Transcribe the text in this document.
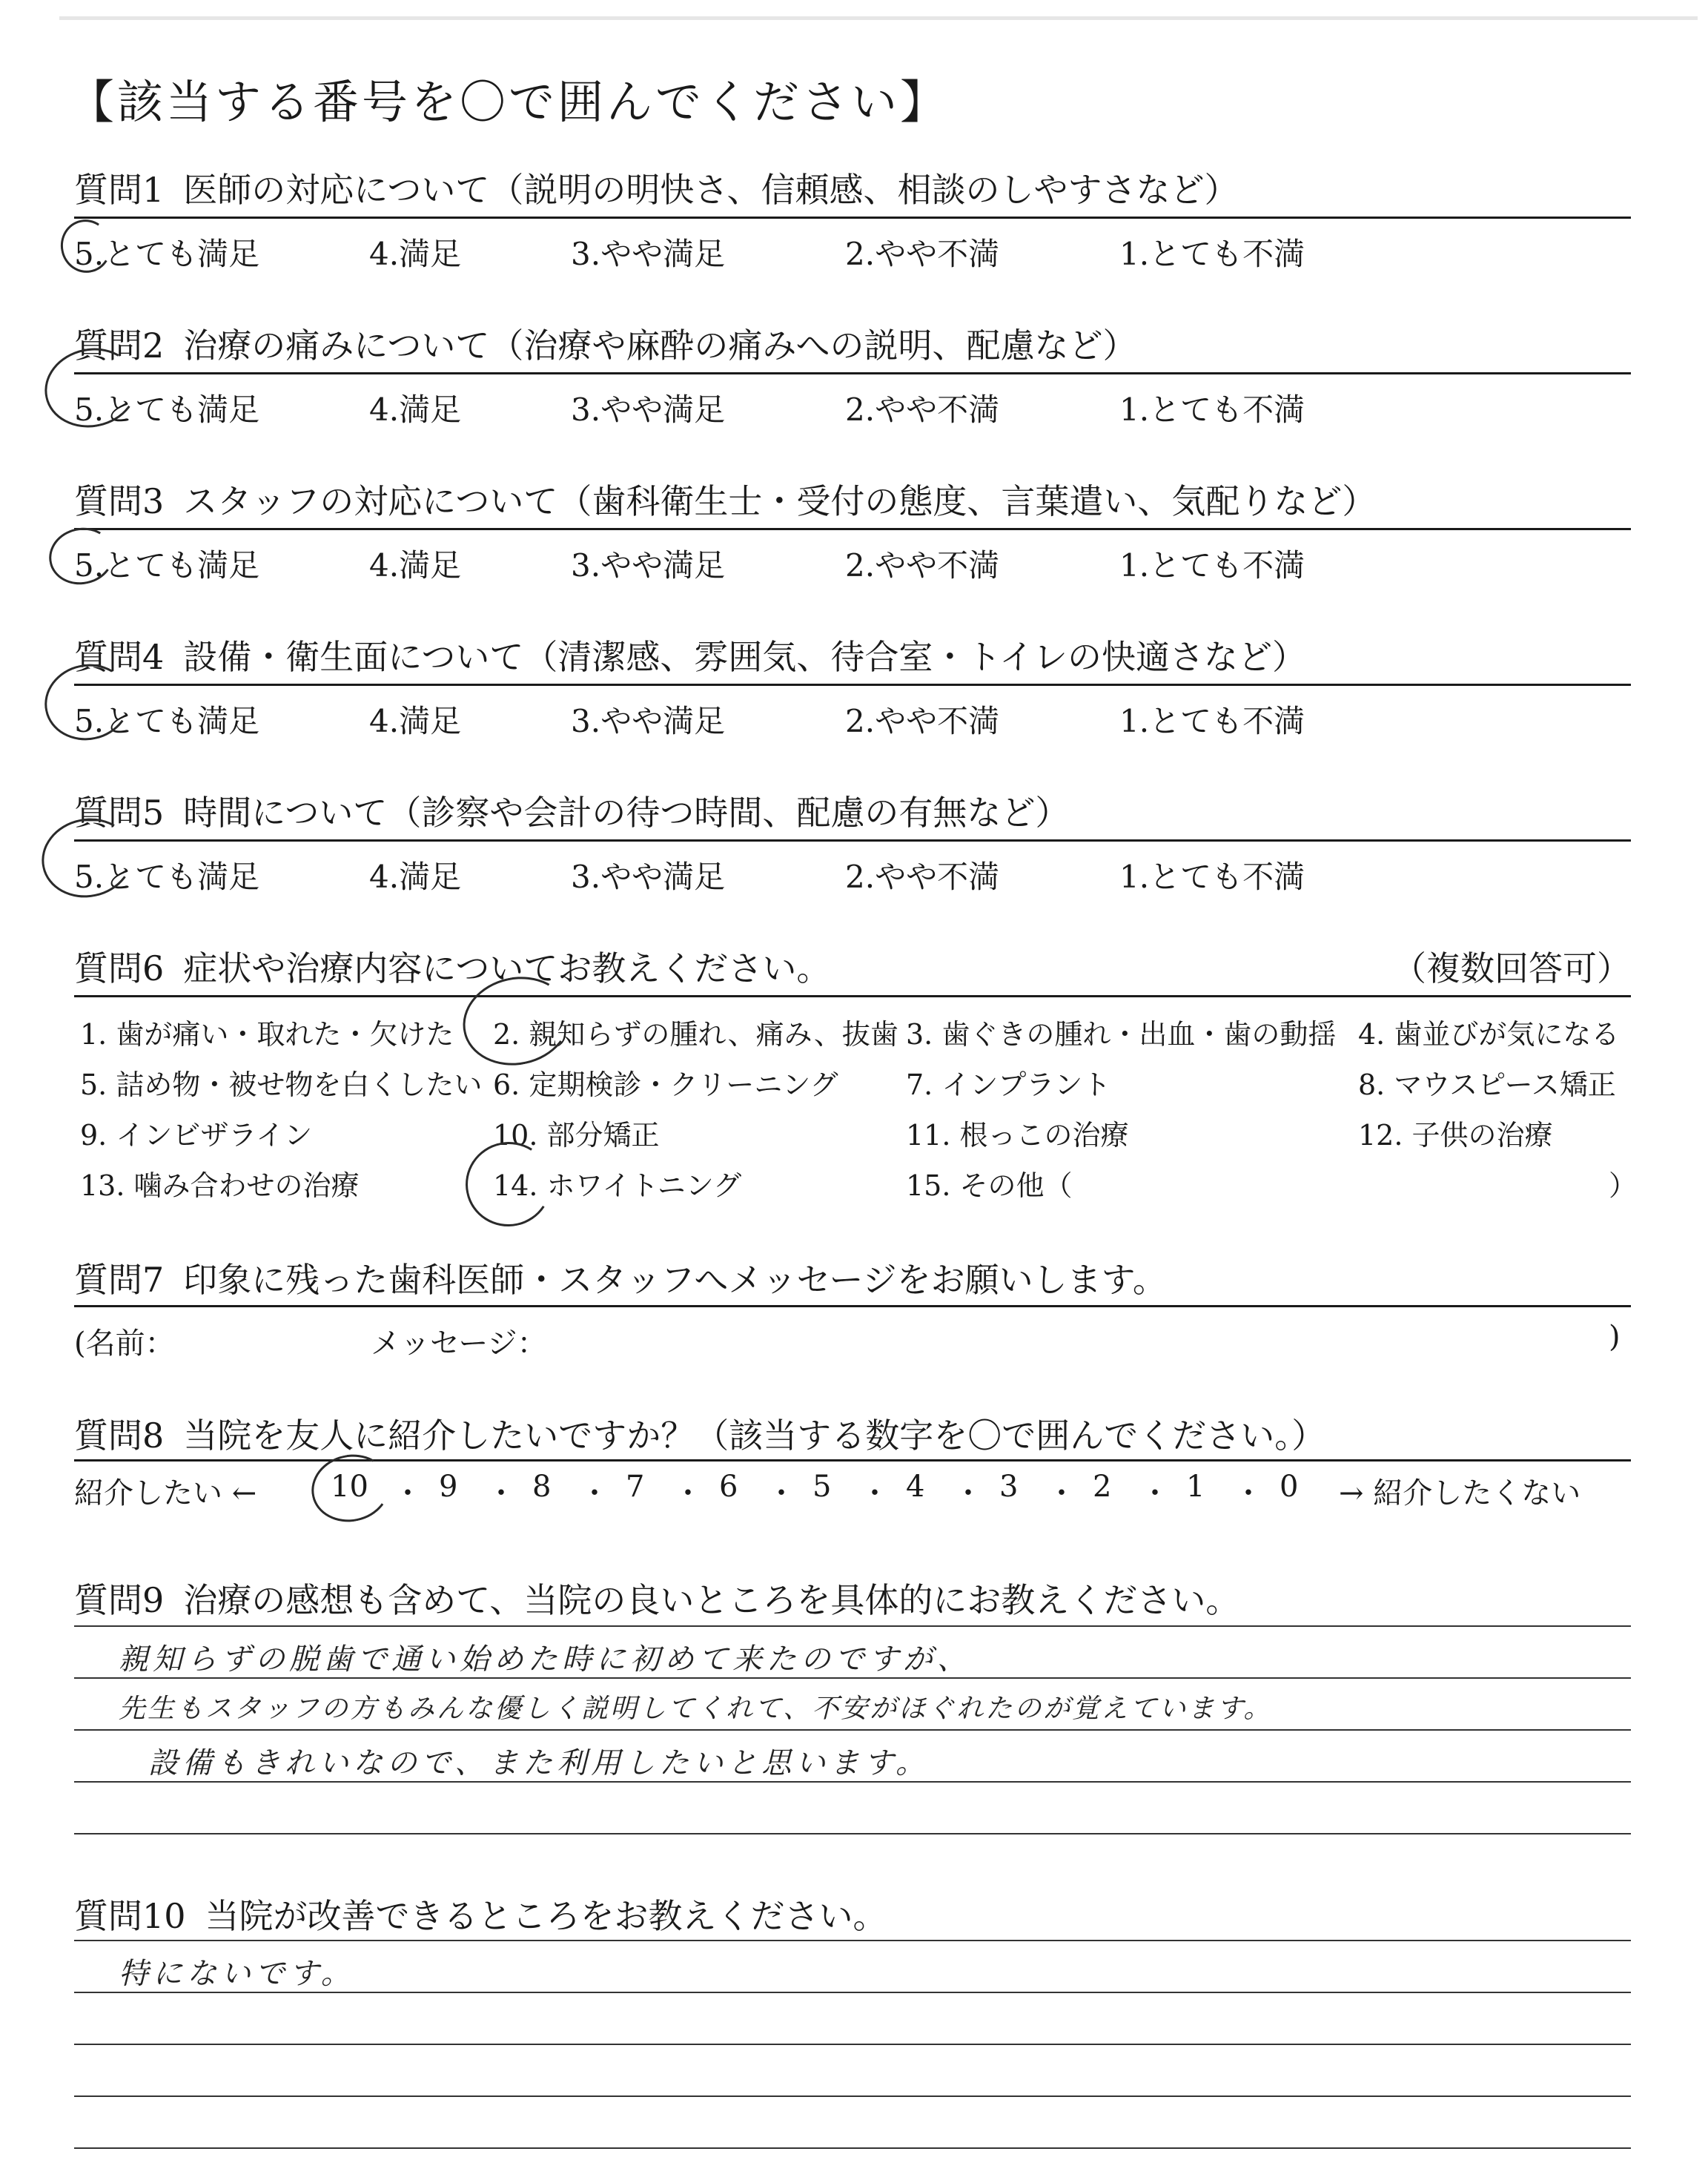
【該当する番号を〇で囲んでください】
質問1 医師の対応について（説明の明快さ、信頼感、相談のしやすさなど）
5.とても満足	4.満足	3.やや満足	2.やや不満	1.とても不満
質問2 治療の痛みについて（治療や麻酔の痛みへの説明、配慮など）
5.とても満足	4.満足	3.やや満足	2.やや不満	1.とても不満
質問3 スタッフの対応について（歯科衛生士・受付の態度、言葉遣い、気配りなど）
5.とても満足	4.満足	3.やや満足	2.やや不満	1.とても不満
質問4 設備・衛生面について（清潔感、雰囲気、待合室・トイレの快適さなど）
5.とても満足	4.満足	3.やや満足	2.やや不満	1.とても不満
質問5 時間について（診察や会計の待つ時間、配慮の有無など）
5.とても満足	4.満足	3.やや満足	2.やや不満	1.とても不満
質問6 症状や治療内容についてお教えください。	（複数回答可）
1. 歯が痛い・取れた・欠けた 2. 親知らずの腫れ、痛み、抜歯 3. 歯ぐきの腫れ・出血・歯の動揺 4. 歯並びが気になる
5. 詰め物・被せ物を白くしたい 6. 定期検診・クリーニング 7. インプラント	8. マウスピース矯正
9. インビザライン	10. 部分矯正	11. 根っこの治療	12. 子供の治療
13. 噛み合わせの治療	14. ホワイトニング	15. その他（	）
質問7 印象に残った歯科医師・スタッフへメッセージをお願いします。
(名前：	メッセージ：	)
質問8 当院を友人に紹介したいですか？（該当する数字を〇で囲んでください。）
紹介したい ← 10 ・ 9 ・ 8 ・ 7 ・ 6 ・ 5 ・ 4 ・ 3 ・ 2 ・ 1 ・ 0 → 紹介したくない
質問9 治療の感想も含めて、当院の良いところを具体的にお教えください。
親知らずの脱歯で通い始めた時に初めて来たのですが、
先生もスタッフの方もみんな優しく説明してくれて、不安がほぐれたのが覚えています。
設備もきれいなので、また利用したいと思います。
質問10 当院が改善できるところをお教えください。
特にないです。
